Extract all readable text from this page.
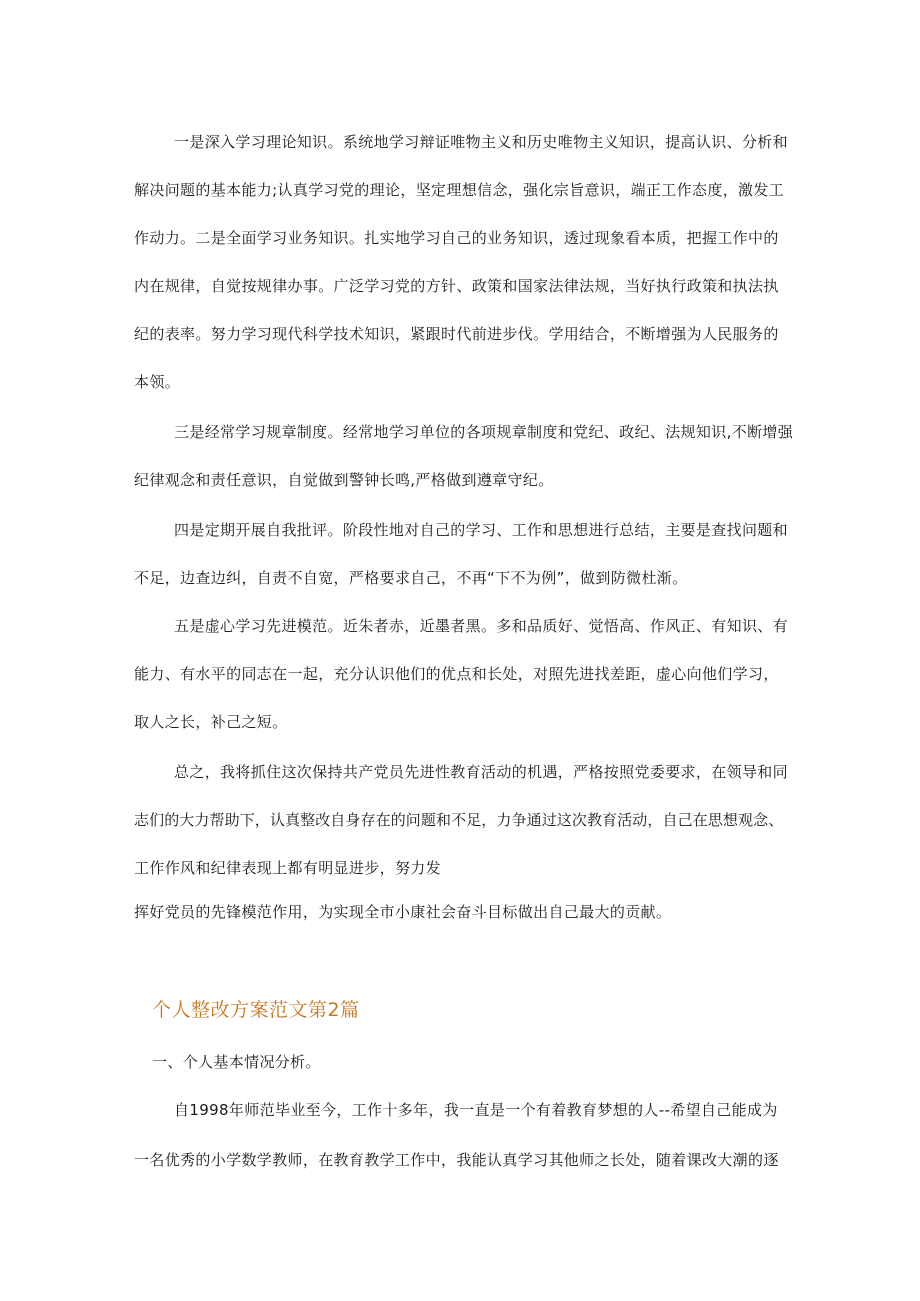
一是深入学习理论知识。系统地学习辩证唯物主义和历史唯物主义知识，提高认识、分析和
解决问题的基本能力;认真学习党的理论，坚定理想信念，强化宗旨意识，端正工作态度，激发工
作动力。二是全面学习业务知识。扎实地学习自己的业务知识，透过现象看本质，把握工作中的
内在规律，自觉按规律办事。广泛学习党的方针、政策和国家法律法规，当好执行政策和执法执
纪的表率。努力学习现代科学技术知识，紧跟时代前进步伐。学用结合，不断增强为人民服务的
本领。
三是经常学习规章制度。经常地学习单位的各项规章制度和党纪、政纪、法规知识,不断增强
纪律观念和责任意识，自觉做到警钟长鸣,严格做到遵章守纪。
四是定期开展自我批评。阶段性地对自己的学习、工作和思想进行总结，主要是查找问题和
不足，边查边纠，自责不自宽，严格要求自己，不再“下不为例”，做到防微杜渐。
五是虚心学习先进模范。近朱者赤，近墨者黑。多和品质好、觉悟高、作风正、有知识、有
能力、有水平的同志在一起，充分认识他们的优点和长处，对照先进找差距，虚心向他们学习，
取人之长，补己之短。
总之，我将抓住这次保持共产党员先进性教育活动的机遇，严格按照党委要求，在领导和同
志们的大力帮助下，认真整改自身存在的问题和不足，力争通过这次教育活动，自己在思想观念、
工作作风和纪律表现上都有明显进步，努力发
挥好党员的先锋模范作用，为实现全市小康社会奋斗目标做出自己最大的贡献。
个人整改方案范文第2篇
一、个人基本情况分析。
自1998年师范毕业至今，工作十多年，我一直是一个有着教育梦想的人--希望自己能成为
一名优秀的小学数学教师，在教育教学工作中，我能认真学习其他师之长处，随着课改大潮的逐
